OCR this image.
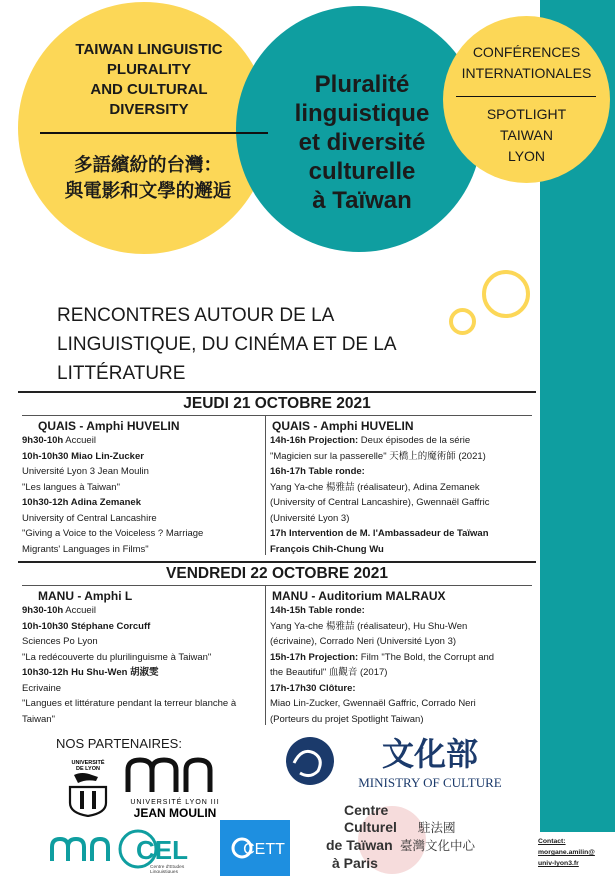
TAIWAN LINGUISTIC
PLURALITY
AND CULTURAL
DIVERSITY
多語繽紛的台灣：
與電影和文學的邂逅
Pluralité
linguistique
et diversité
culturelle
à Taïwan
CONFÉRENCES
INTERNATIONALES
SPOTLIGHT
TAIWAN
LYON
RENCONTRES AUTOUR DE LA
LINGUISTIQUE, DU CINÉMA ET DE LA
LITTÉRATURE
JEUDI 21 OCTOBRE 2021
QUAIS - Amphi HUVELIN
9h30-10h Accueil
10h-10h30 Miao Lin-Zucker
Université Lyon 3 Jean Moulin
"Les langues à Taiwan"
10h30-12h Adina Zemanek
University of Central Lancashire
"Giving a Voice to the Voiceless ? Marriage
Migrants' Languages in Films"
QUAIS - Amphi HUVELIN
14h-16h Projection: Deux épisodes de la série
"Magicien sur la passerelle" 天橋上的魔術師 (2021)
16h-17h Table ronde:
Yang Ya-che 楊雅喆 (réalisateur), Adina Zemanek
(University of Central Lancashire), Gwennaël Gaffric
(Université Lyon 3)
17h Intervention de M. l'Ambassadeur de Taïwan
François Chih-Chung Wu
VENDREDI 22 OCTOBRE 2021
MANU - Amphi L
9h30-10h Accueil
10h-10h30 Stéphane Corcuff
Sciences Po Lyon
"La redécouverte du plurilinguisme à Taiwan"
10h30-12h Hu Shu-Wen 胡淑雯
Ecrivaine
"Langues et littérature pendant la terreur blanche à
Taiwan"
MANU - Auditorium MALRAUX
14h-15h Table ronde:
Yang Ya-che 楊雅喆 (réalisateur), Hu Shu-Wen
(écrivaine), Corrado Neri (Université Lyon 3)
15h-17h Projection: Film "The Bold, the Corrupt and
the Beautiful" 血觀音 (2017)
17h-17h30 Clôture:
Miao Lin-Zucker, Gwennaël Gaffric, Corrado Neri
(Porteurs du projet Spotlight Taiwan)
NOS PARTENAIRES:
UNIVERSITÉ
DE LYON
UNIVERSITÉ LYON III
JEAN MOULIN
文化部
MINISTRY OF CULTURE
CEL
Centre d'Etudes
Linguistiques
CETT
Centre
Culturel
de Taïwan
à Paris
駐法國
臺灣文化中心	Contact:
morgane.amilin@
univ-lyon3.fr
